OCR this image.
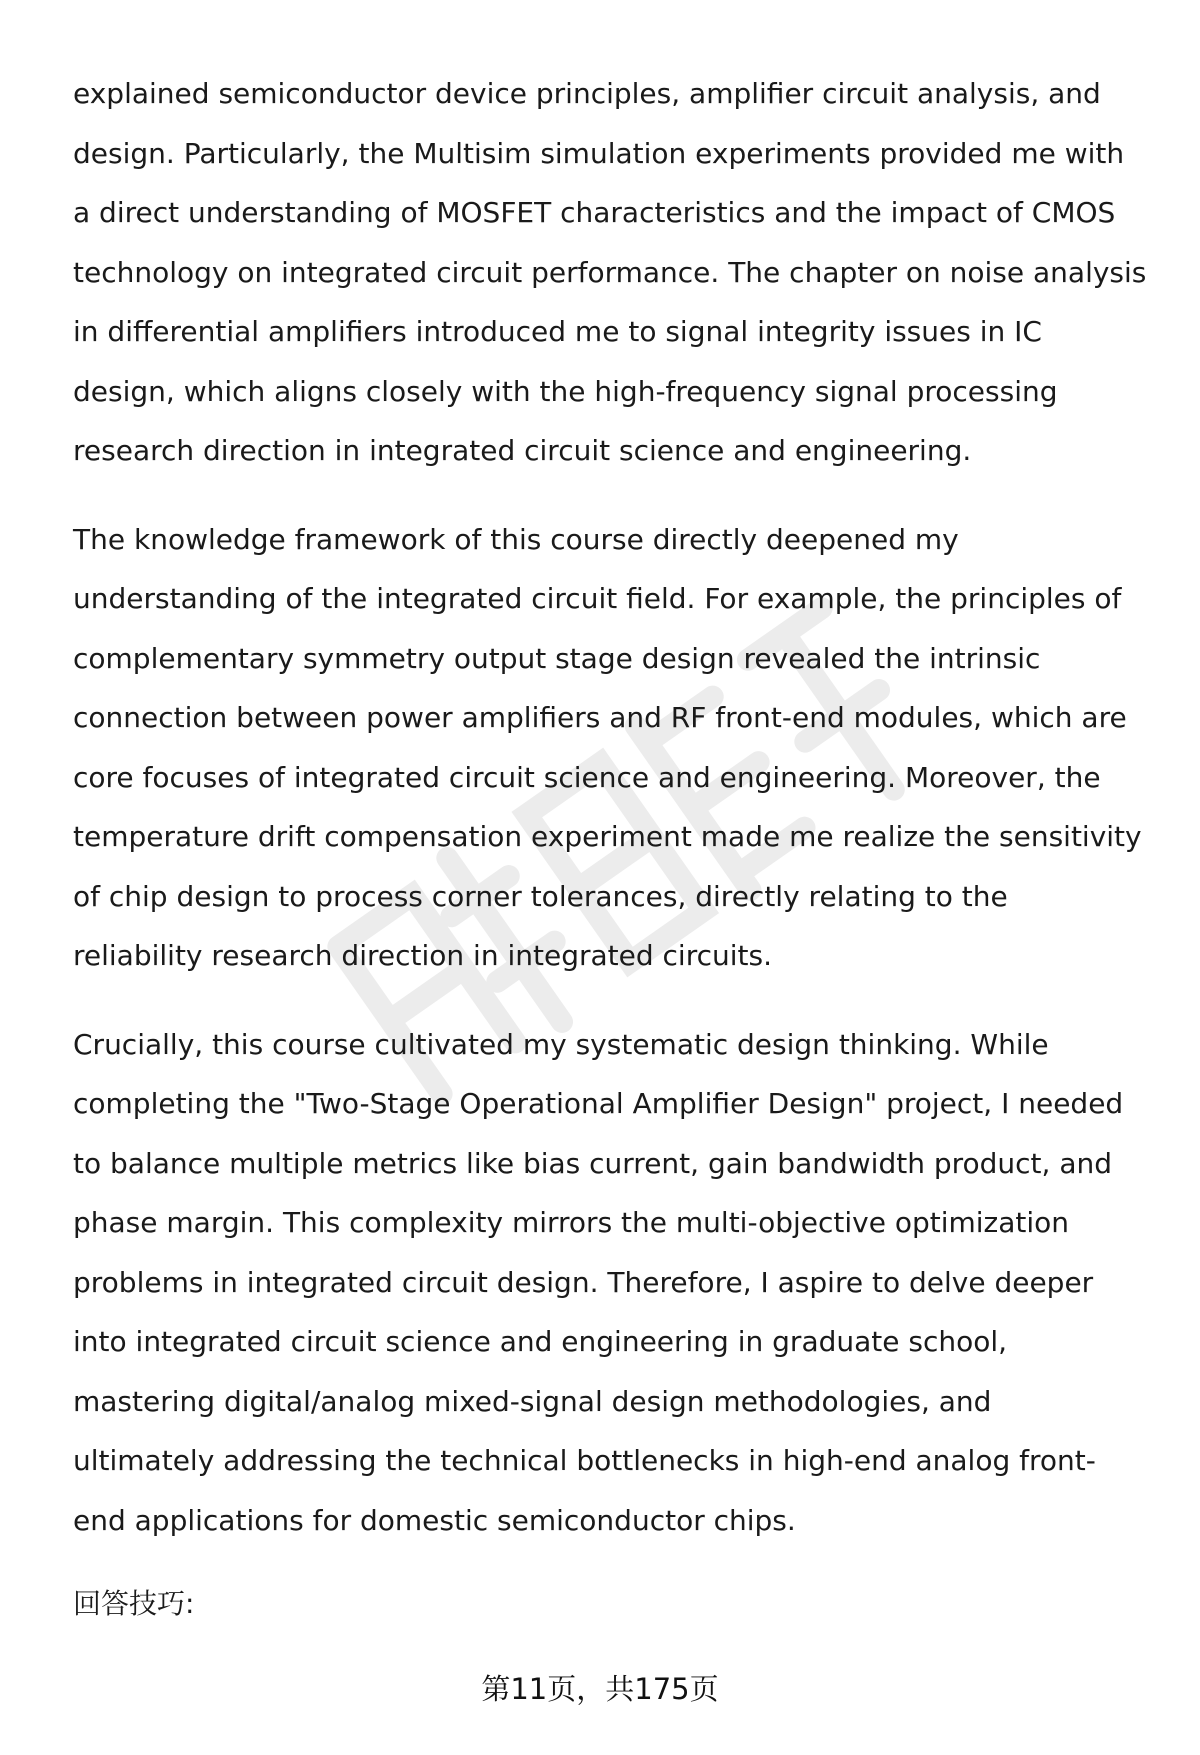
explained semiconductor device principles, amplifier circuit analysis, and
design. Particularly, the Multisim simulation experiments provided me with
a direct understanding of MOSFET characteristics and the impact of CMOS
technology on integrated circuit performance. The chapter on noise analysis
in differential amplifiers introduced me to signal integrity issues in IC
design, which aligns closely with the high-frequency signal processing
research direction in integrated circuit science and engineering.

The knowledge framework of this course directly deepened my
understanding of the integrated circuit field. For example, the principles of
complementary symmetry output stage design revealed the intrinsic
connection between power amplifiers and RF front-end modules, which are
core focuses of integrated circuit science and engineering. Moreover, the
temperature drift compensation experiment made me realize the sensitivity
of chip design to process corner tolerances, directly relating to the
reliability research direction in integrated circuits.

Crucially, this course cultivated my systematic design thinking. While
completing the "Two-Stage Operational Amplifier Design" project, I needed
to balance multiple metrics like bias current, gain bandwidth product, and
phase margin. This complexity mirrors the multi-objective optimization
problems in integrated circuit design. Therefore, I aspire to delve deeper
into integrated circuit science and engineering in graduate school,
mastering digital/analog mixed-signal design methodologies, and
ultimately addressing the technical bottlenecks in high-end analog front-
end applications for domestic semiconductor chips.

回答技巧:
第11页，共175页
